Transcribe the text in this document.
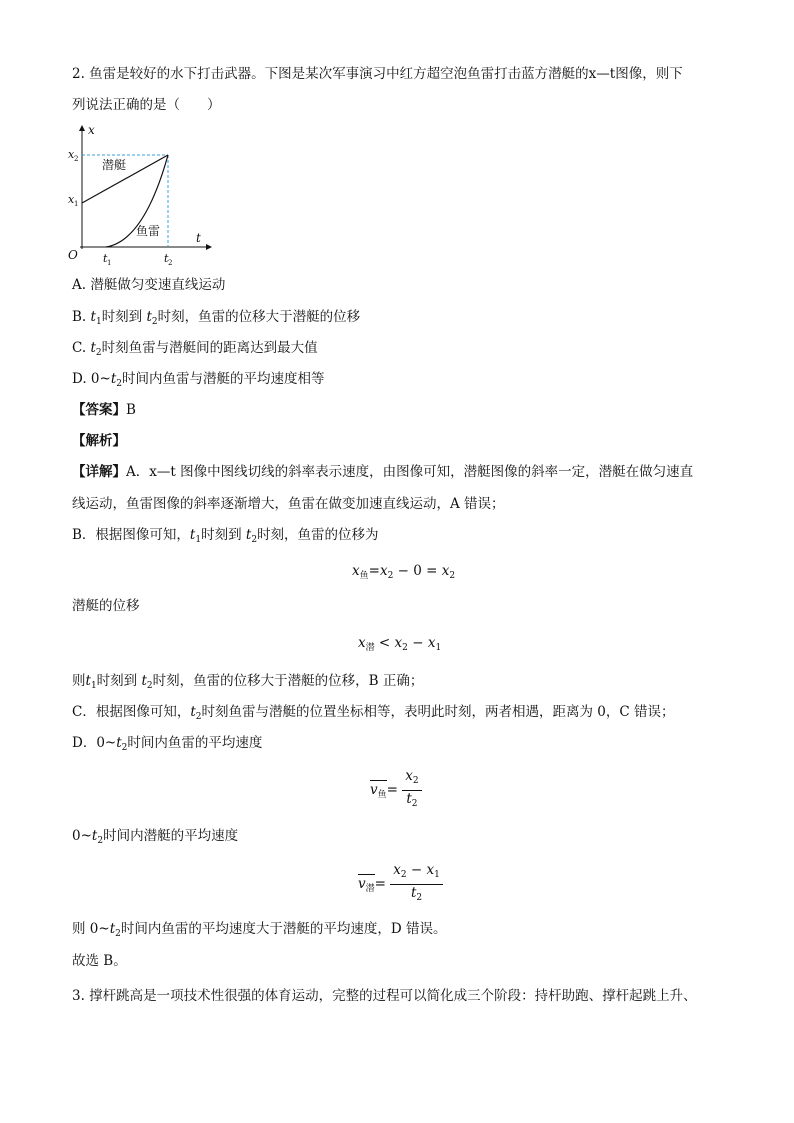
2. 鱼雷是较好的水下打击武器。下图是某次军事演习中红方超空泡鱼雷打击蓝方潜艇的x—t图像，则下
列说法正确的是（　　）
x
t
O
x 2
x 1
t 1	t 2
潜艇
鱼雷
A. 潜艇做匀变速直线运动
B. $t_1$时刻到 $t_2$时刻，鱼雷的位移大于潜艇的位移
C. $t_2$时刻鱼雷与潜艇间的距离达到最大值
D. $0\sim t_2$时间内鱼雷与潜艇的平均速度相等
【答案】B
【解析】
【详解】A．x—t 图像中图线切线的斜率表示速度，由图像可知，潜艇图像的斜率一定，潜艇在做匀速直
线运动，鱼雷图像的斜率逐渐增大，鱼雷在做变加速直线运动，A 错误；
B．根据图像可知，$t_1$时刻到 $t_2$时刻，鱼雷的位移为
$x_鱼=x_2 - 0 = x_2$
潜艇的位移
$x_潜 < x_2 - x_1$
则$t_1$时刻到 $t_2$时刻，鱼雷的位移大于潜艇的位移，B 正确；
C．根据图像可知，$t_2$时刻鱼雷与潜艇的位置坐标相等，表明此时刻，两者相遇，距离为 0，C 错误；
D．$0\sim t_2$时间内鱼雷的平均速度
$v_鱼= \frac{x_2}{t_2}$
$0\sim t_2$时间内潜艇的平均速度
$v_潜= \frac{x_2 - x_1}{t_2}$
则 $0\sim t_2$时间内鱼雷的平均速度大于潜艇的平均速度，D 错误。
故选 B。
3. 撑杆跳高是一项技术性很强的体育运动，完整的过程可以简化成三个阶段：持杆助跑、撑杆起跳上升、
